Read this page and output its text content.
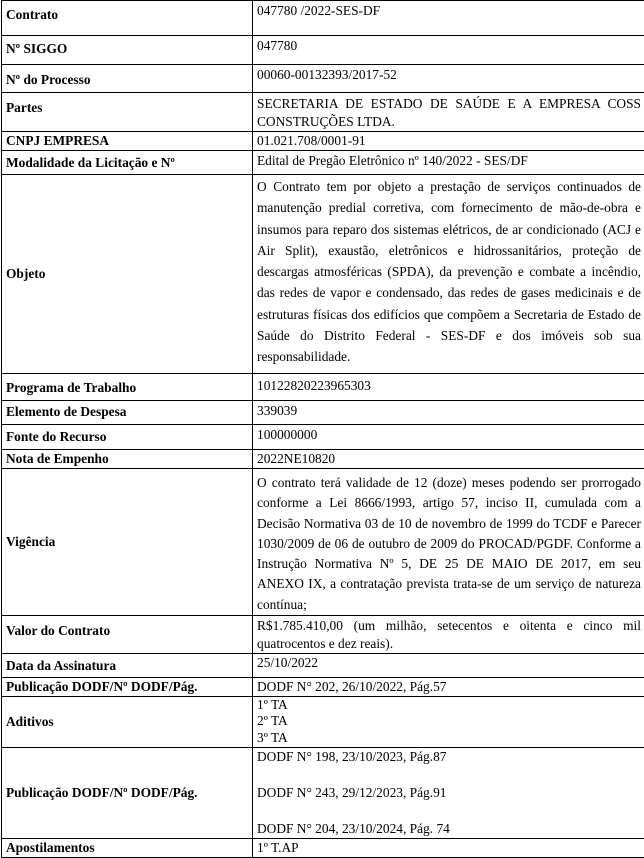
Contrato	047780 /2022-SES-DF
Nº SIGGO	047780
Nº do Processo	00060-00132393/2017-52
Partes	SECRETARIA DE ESTADO DE SAÚDE E A EMPRESA COSS CONSTRUÇÕES LTDA.
CNPJ EMPRESA	01.021.708/0001-91
Modalidade da Licitação e Nº	Edital de Pregão Eletrônico nº 140/2022 - SES/DF
Objeto	O Contrato tem por objeto a prestação de serviços continuados de manutenção predial corretiva, com fornecimento de mão-de-obra e insumos para reparo dos sistemas elétricos, de ar condicionado (ACJ e Air Split), exaustão, eletrônicos e hidrossanitários, proteção de descargas atmosféricas (SPDA), da prevenção e combate a incêndio, das redes de vapor e condensado, das redes de gases medicinais e de estruturas físicas dos edifícios que compõem a Secretaria de Estado de Saúde do Distrito Federal - SES-DF e dos imóveis sob sua responsabilidade.
Programa de Trabalho	10122820223965303
Elemento de Despesa	339039
Fonte do Recurso	100000000
Nota de Empenho	2022NE10820
Vigência	O contrato terá validade de 12 (doze) meses podendo ser prorrogado conforme a Lei 8666/1993, artigo 57, inciso II, cumulada com a Decisão Normativa 03 de 10 de novembro de 1999 do TCDF e Parecer 1030/2009 de 06 de outubro de 2009 do PROCAD/PGDF. Conforme a Instrução Normativa Nº 5, DE 25 DE MAIO DE 2017, em seu ANEXO IX, a contratação prevista trata-se de um serviço de natureza contínua;
Valor do Contrato	R$1.785.410,00 (um milhão, setecentos e oitenta e cinco mil quatrocentos e dez reais).
Data da Assinatura	25/10/2022
Publicação DODF/Nº DODF/Pág.	DODF N° 202, 26/10/2022, Pág.57
Aditivos	1º TA
2º TA
3º TA

Publicação DODF/Nº DODF/Pág.	DODF N° 198, 23/10/2023, Pág.87
DODF N° 243, 29/12/2023, Pág.91
DODF N° 204, 23/10/2024, Pág. 74

Apostilamentos	1º T.AP
